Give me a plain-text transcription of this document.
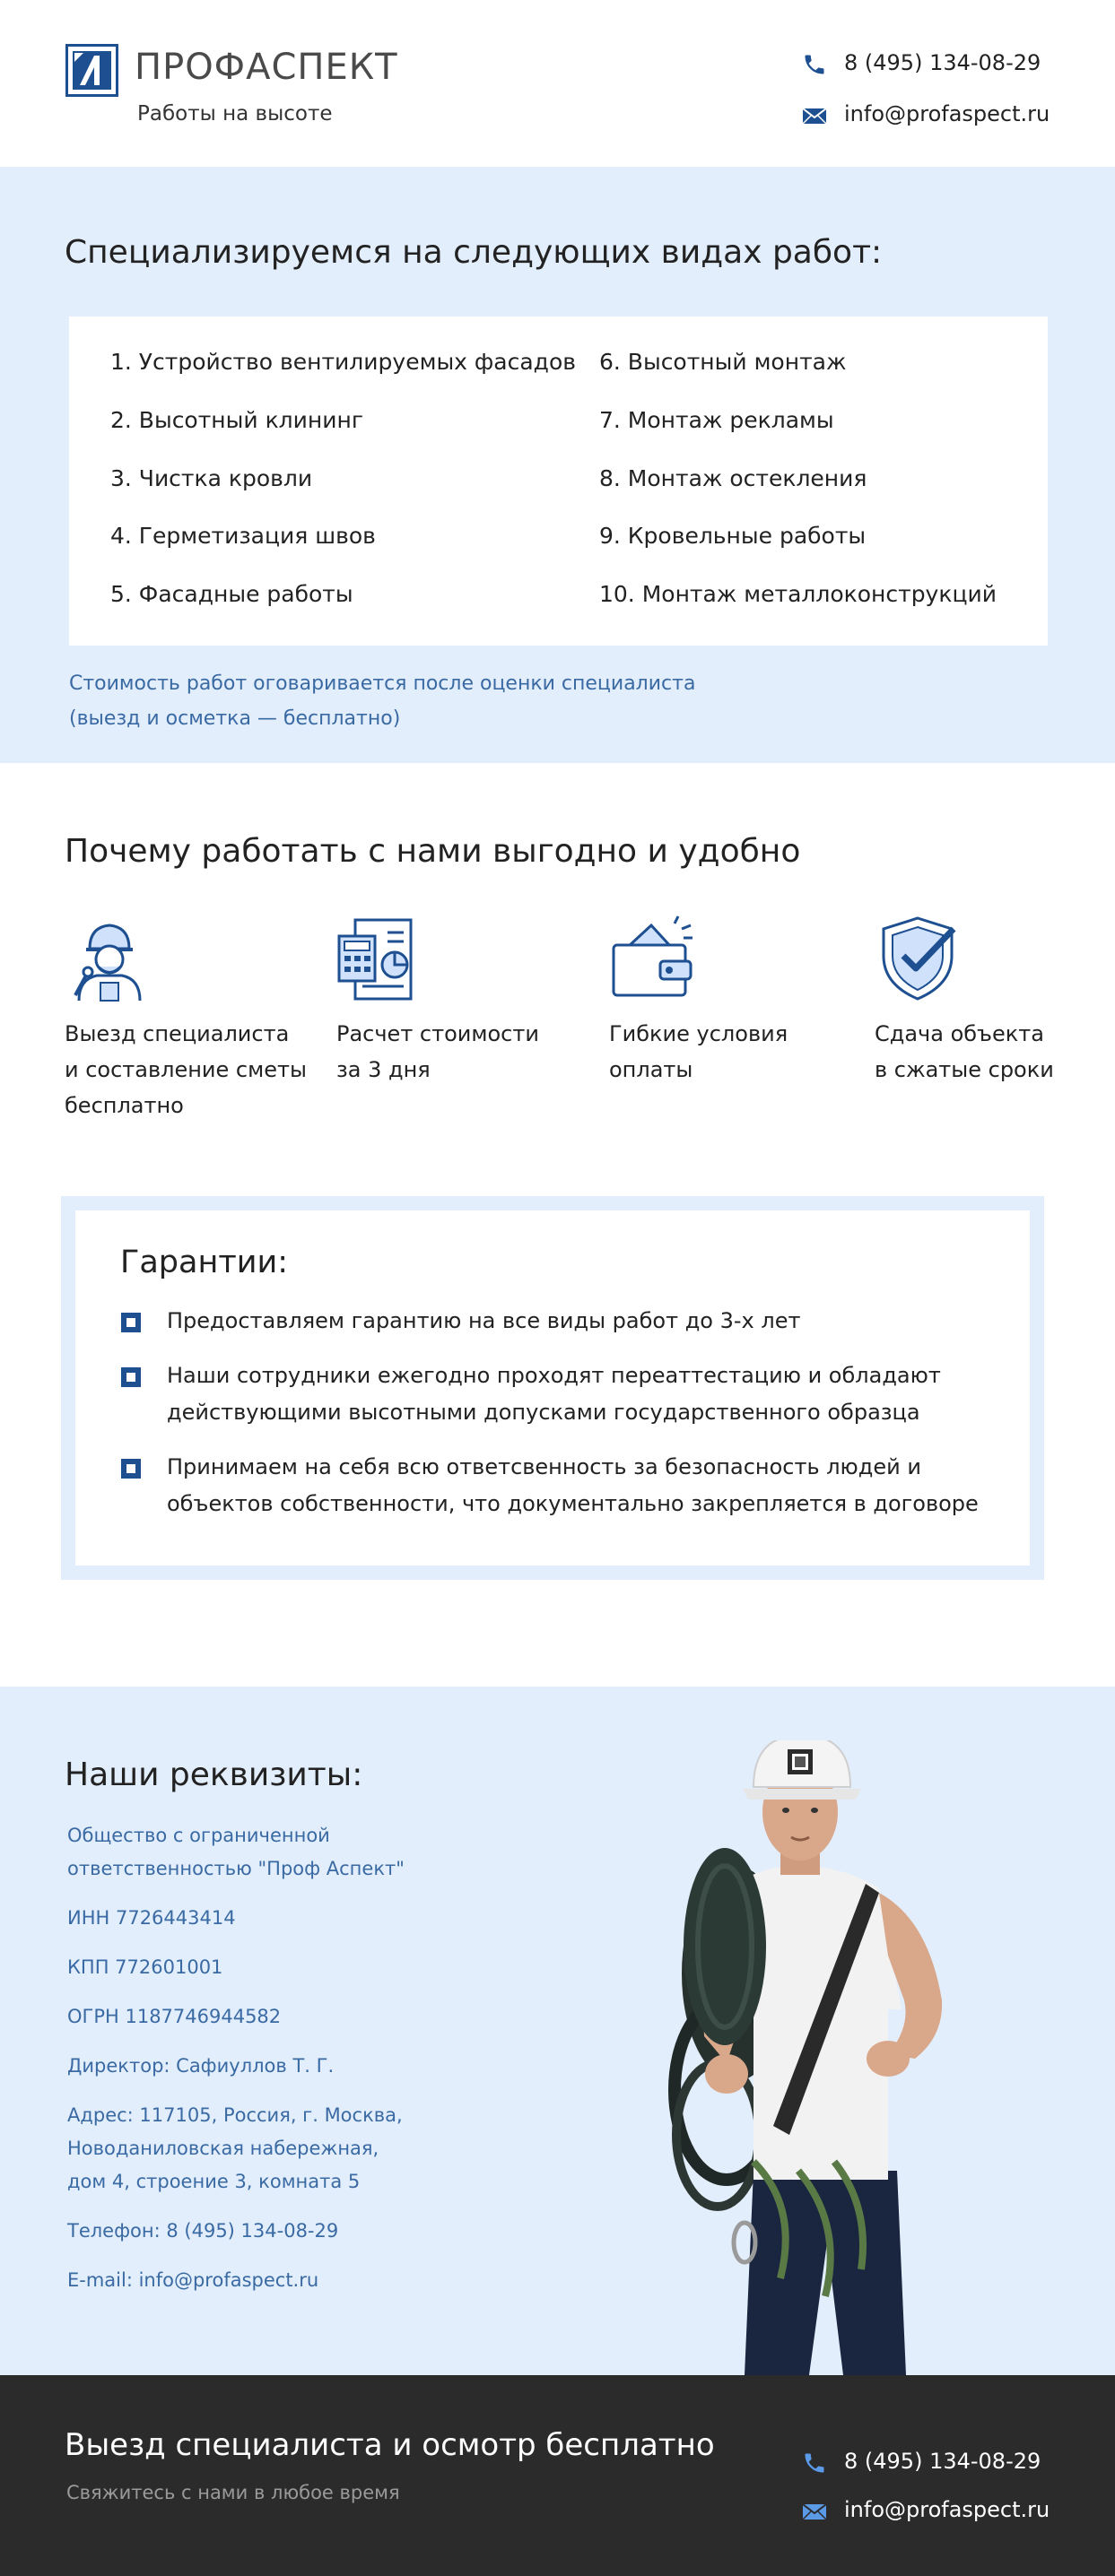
ПРОФАСПЕКТ
Работы на высоте
8 (495) 134-08-29
info@profaspect.ru
Специализируемся на следующих видах работ:
1. Устройство вентилируемых фасадов
2. Высотный клининг
3. Чистка кровли
4. Герметизация швов
5. Фасадные работы
6. Высотный монтаж
7. Монтаж рекламы
8. Монтаж остекления
9. Кровельные работы
10. Монтаж металлоконструкций
Стоимость работ оговаривается после оценки специалиста
(выезд и осметка — бесплатно)
Почему работать с нами выгодно и удобно
Выезд специалиста
и составление сметы
бесплатно
Расчет стоимости
за 3 дня
Гибкие условия
оплаты
Сдача объекта
в сжатые сроки
Гарантии:
Предоставляем гарантию на все виды работ до 3-х лет
Наши сотрудники ежегодно проходят переаттестацию и обладают
действующими высотными допусками государственного образца
Принимаем на себя всю ответсвенность за безопасность людей и
объектов собственности, что документально закрепляется в договоре
Наши реквизиты:
Общество с ограниченной
ответственностью "Проф Аспект"
ИНН 7726443414
КПП 772601001
ОГРН 1187746944582
Директор: Сафиуллов Т. Г.
Адрес: 117105, Россия, г. Москва,
Новоданиловская набережная,
дом 4, строение 3, комната 5
Телефон: 8 (495) 134-08-29
E-mail: info@profaspect.ru
Выезд специалиста и осмотр бесплатно
Свяжитесь с нами в любое время
8 (495) 134-08-29
info@profaspect.ru
